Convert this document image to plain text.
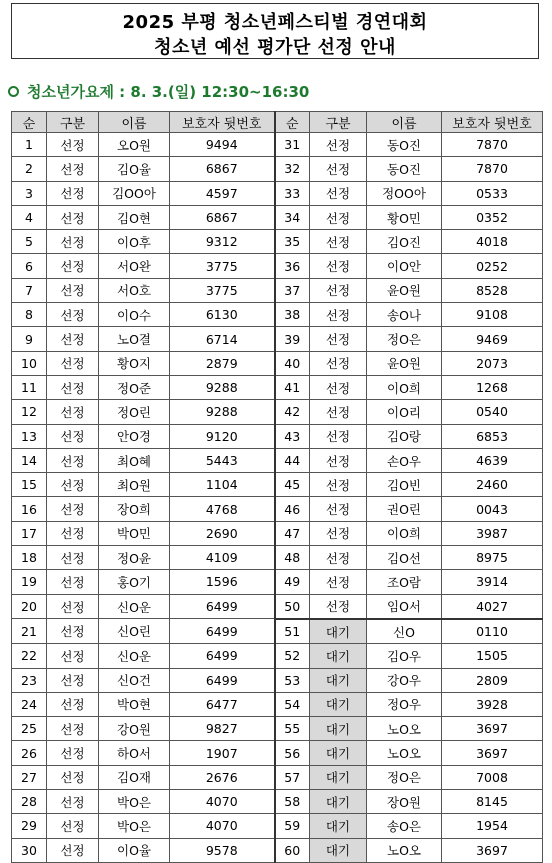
2025 부평 청소년페스티벌 경연대회
청소년 예선 평가단 선정 안내
청소년가요제 : 8. 3.(일) 12:30~16:30
순	구분	이름	보호자 뒷번호	순	구분	이름	보호자 뒷번호
1	선정	오O원	9494	31	선정	동O진	7870
2	선정	김O율	6867	32	선정	동O진	7870
3	선정	김OO아	4597	33	선정	정OO아	0533
4	선정	김O현	6867	34	선정	황O민	0352
5	선정	이O후	9312	35	선정	김O진	4018
6	선정	서O완	3775	36	선정	이O안	0252
7	선정	서O호	3775	37	선정	윤O원	8528
8	선정	이O수	6130	38	선정	송O나	9108
9	선정	노O결	6714	39	선정	정O은	9469
10	선정	황O지	2879	40	선정	윤O원	2073
11	선정	정O준	9288	41	선정	이O희	1268
12	선정	정O린	9288	42	선정	이O리	0540
13	선정	안O경	9120	43	선정	김O랑	6853
14	선정	최O혜	5443	44	선정	손O우	4639
15	선정	최O원	1104	45	선정	김O빈	2460
16	선정	장O희	4768	46	선정	권O린	0043
17	선정	박O민	2690	47	선정	이O희	3987
18	선정	정O윤	4109	48	선정	김O선	8975
19	선정	홍O기	1596	49	선정	조O람	3914
20	선정	신O운	6499	50	선정	임O서	4027
21	선정	신O린	6499	51	대기	신O	0110
22	선정	신O운	6499	52	대기	김O우	1505
23	선정	신O건	6499	53	대기	강O우	2809
24	선정	박O현	6477	54	대기	정O우	3928
25	선정	강O원	9827	55	대기	노O오	3697
26	선정	하O서	1907	56	대기	노O오	3697
27	선정	김O재	2676	57	대기	정O은	7008
28	선정	박O은	4070	58	대기	장O원	8145
29	선정	박O은	4070	59	대기	송O은	1954
30	선정	이O율	9578	60	대기	노O오	3697
